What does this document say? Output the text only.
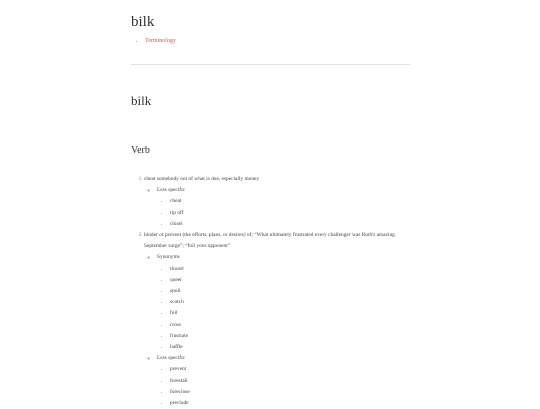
bilk
• Terminology
bilk
Verb
1. cheat somebody out of what is due, especially money
◦ Less specific
• cheat
• rip off
• chisel
2. hinder or prevent (the efforts, plans, or desires) of; “What ultimately frustrated every challenger was Ruth's amazing September surge”; “foil your opponent”
◦ Synonyms
• thwart
• queer
• spoil
• scotch
• foil
• cross
• frustrate
• baffle
◦ Less specific
• prevent
• forestall
• foreclose
• preclude
